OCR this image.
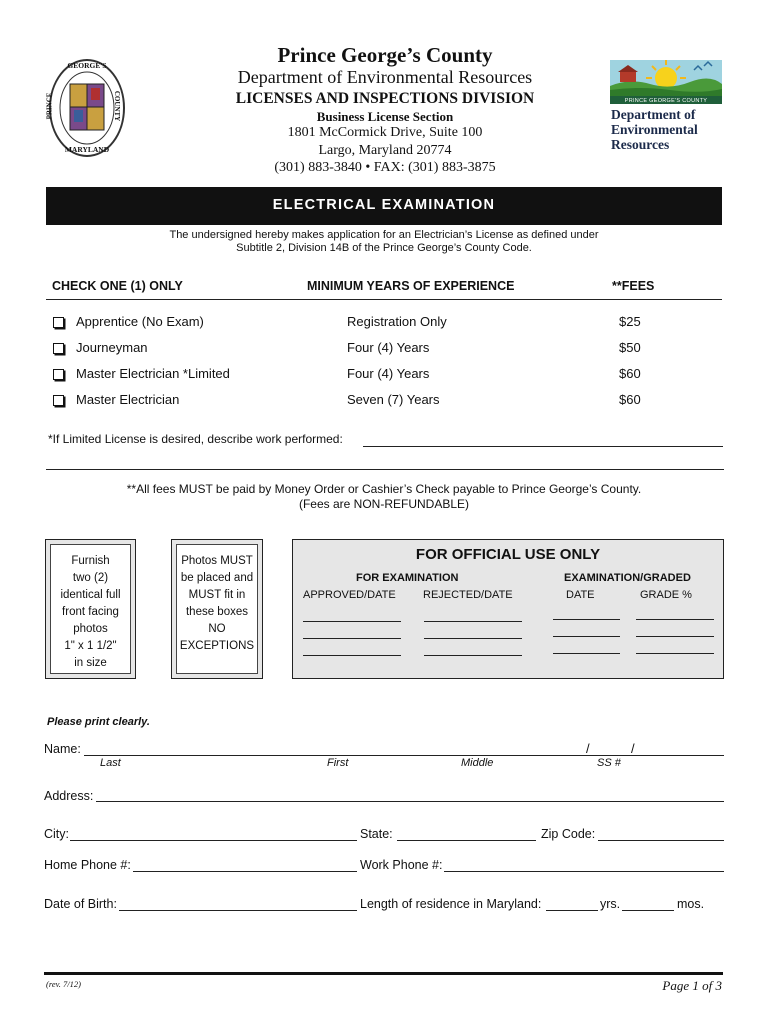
GEORGE'S
PRINCE	COUNTY
MARYLAND
Prince George’s County
Department of Environmental Resources
LICENSES AND INSPECTIONS DIVISION
Business License Section
1801 McCormick Drive, Suite 100
Largo, Maryland 20774
(301) 883-3840 • FAX: (301) 883-3875
PRINCE GEORGE'S COUNTY
Department of
Environmental
Resources
ELECTRICAL EXAMINATION
The undersigned hereby makes application for an Electrician’s License as defined under
Subtitle 2, Division 14B of the Prince George’s County Code.
CHECK ONE (1) ONLY	MINIMUM YEARS OF EXPERIENCE	**FEES
Apprentice (No Exam)	Registration Only	$25
Journeyman	Four (4) Years	$50
Master Electrician *Limited	Four (4) Years	$60
Master Electrician	Seven (7) Years	$60
*If Limited License is desired, describe work performed:
**All fees MUST be paid by Money Order or Cashier’s Check payable to Prince George’s County.
(Fees are NON-REFUNDABLE)
Furnish
two (2)
identical full
front facing
photos
1" x 1 1/2"
in size
Photos MUST
be placed and
MUST fit in
these boxes
NO
EXCEPTIONS
FOR OFFICIAL USE ONLY
FOR EXAMINATION	EXAMINATION/GRADED
APPROVED/DATE REJECTED/DATE	DATE	GRADE %
Please print clearly.
Name:	/	/
Last	First	Middle	SS #
Address:
City:	State:	Zip Code:
Home Phone #:	Work Phone #:
Date of Birth:	Length of residence in Maryland:	yrs.	mos.
(rev. 7/12)	Page 1 of 3
